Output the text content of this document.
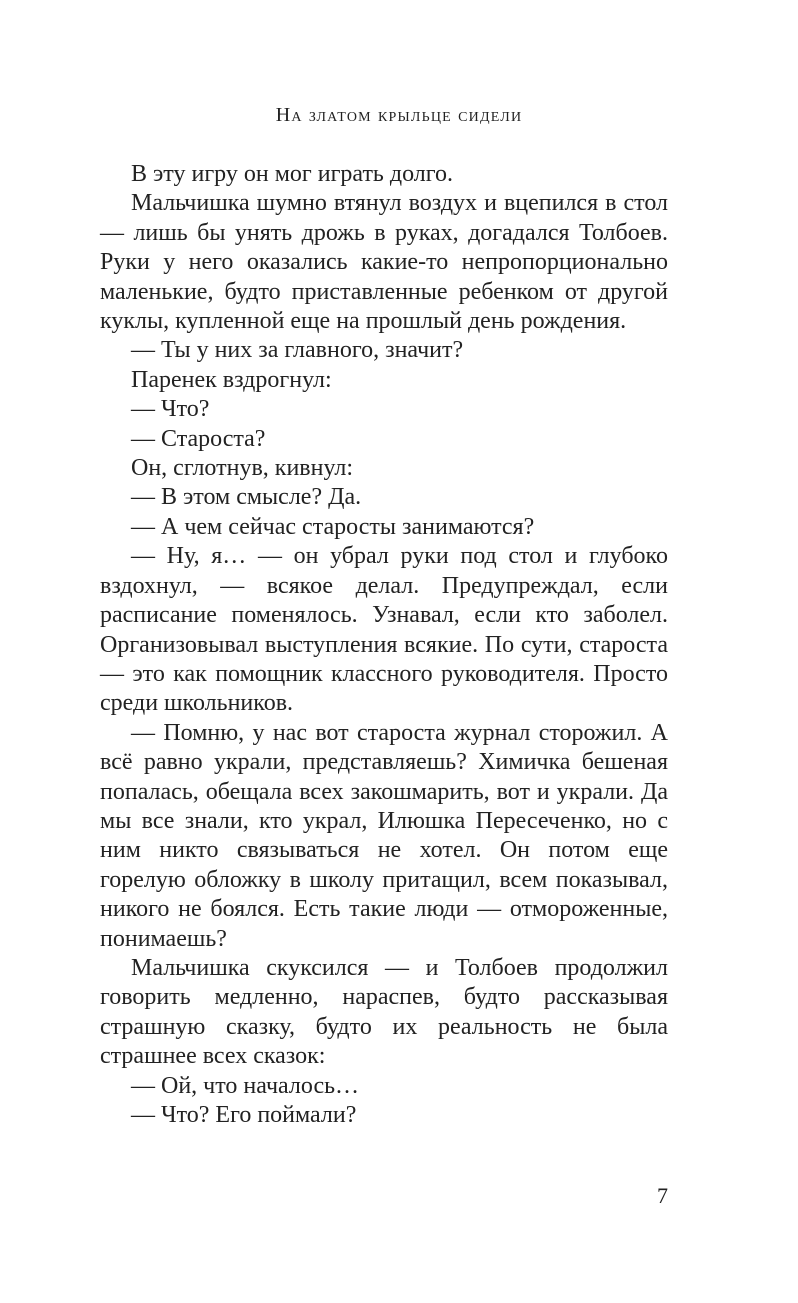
На златом крыльце сидели

В эту игру он мог играть долго.

Мальчишка шумно втянул воздух и вцепился в стол — лишь бы унять дрожь в руках, догадался Толбоев. Руки у него оказались какие-то непропорционально маленькие, будто приставленные ребенком от другой куклы, купленной еще на прошлый день рождения.

— Ты у них за главного, значит?

Паренек вздрогнул:

— Что?

— Староста?

Он, сглотнув, кивнул:

— В этом смысле? Да.

— А чем сейчас старосты занимаются?

— Ну, я… — он убрал руки под стол и глубоко вздохнул, — всякое делал. Предупреждал, если расписание поменялось. Узнавал, если кто заболел. Организовывал выступления всякие. По сути, староста — это как помощник классного руководителя. Просто среди школьников.

— Помню, у нас вот староста журнал сторожил. А всё равно украли, представляешь? Химичка бешеная попалась, обещала всех закошмарить, вот и украли. Да мы все знали, кто украл, Илюшка Пересеченко, но с ним никто связываться не хотел. Он потом еще горелую обложку в школу притащил, всем показывал, никого не боялся. Есть такие люди — отмороженные, понимаешь?

Мальчишка скуксился — и Толбоев продолжил говорить медленно, нараспев, будто рассказывая страшную сказку, будто их реальность не была страшнее всех сказок:

— Ой, что началось…

— Что? Его поймали?

7
